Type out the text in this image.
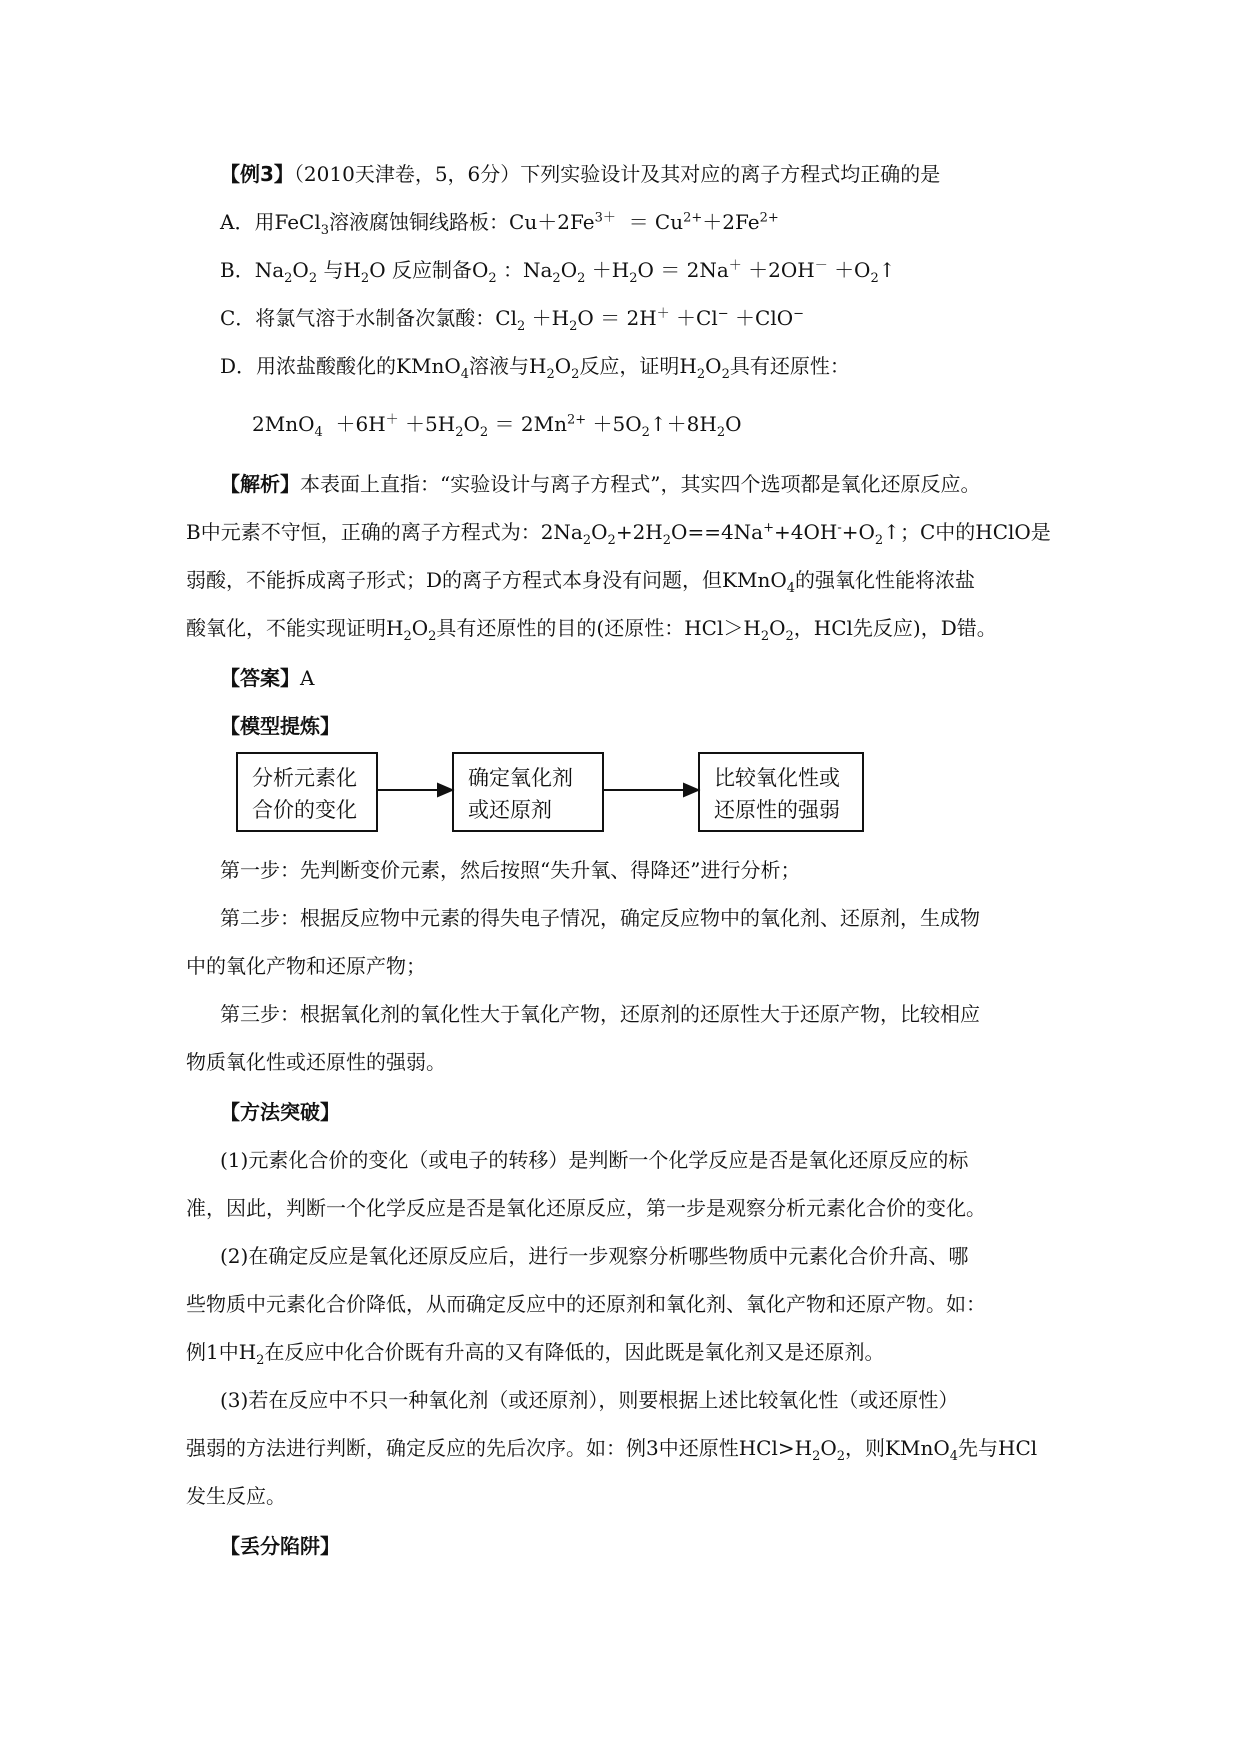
【例3】（2010天津卷，5，6分）下列实验设计及其对应的离子方程式均正确的是
A．用FeCl$_3$溶液腐蚀铜线路板：$Cu+2Fe^{3+} = Cu^{2+}+2Fe^{2+}$
B．$Na_2O_2$ 与$H_2O$ 反应制备$O_2$ ：$Na_2O_2 +H_2O = 2Na^+ +2OH^-$ $+O_2↑$
C．将氯气溶于水制备次氯酸：$Cl_2 +H_2O = 2H^+ +Cl^- +ClO^-$
D．用浓盐酸酸化的KMnO$_4$溶液与$H_2O_2$反应，证明$H_2O_2$具有还原性：
$2MnO_4 +6H^+ +5H_2O_2 = 2Mn^{2+}$ $+5O_2↑+8H_2O$
【解析】本表面上直指：“实验设计与离子方程式”，其实四个选项都是氧化还原反应。
B中元素不守恒，正确的离子方程式为：$2Na_2O_2+2H_2O==4Na^++4OH^-+O_2↑$；C中的HClO是
弱酸，不能拆成离子形式；D的离子方程式本身没有问题，但KMnO$_4$的强氧化性能将浓盐
酸氧化，不能实现证明$H_2O_2$具有还原性的目的(还原性：$HCl>H_2O_2$，HCl先反应)，D错。
【答案】A
【模型提炼】
分析元素化
合价的变化
确定氧化剂
或还原剂
比较氧化性或
还原性的强弱
第一步：先判断变价元素，然后按照“失升氧、得降还”进行分析；
第二步：根据反应物中元素的得失电子情况，确定反应物中的氧化剂、还原剂，生成物
中的氧化产物和还原产物；
第三步：根据氧化剂的氧化性大于氧化产物，还原剂的还原性大于还原产物，比较相应
物质氧化性或还原性的强弱。
【方法突破】
(1)元素化合价的变化（或电子的转移）是判断一个化学反应是否是氧化还原反应的标
准，因此，判断一个化学反应是否是氧化还原反应，第一步是观察分析元素化合价的变化。
(2)在确定反应是氧化还原反应后，进行一步观察分析哪些物质中元素化合价升高、哪
些物质中元素化合价降低，从而确定反应中的还原剂和氧化剂、氧化产物和还原产物。如：
例1中$H_2$在反应中化合价既有升高的又有降低的，因此既是氧化剂又是还原剂。
(3)若在反应中不只一种氧化剂（或还原剂），则要根据上述比较氧化性（或还原性）
强弱的方法进行判断，确定反应的先后次序。如：例3中还原性$HCl>H_2O_2$，则KMnO$_4$先与HCl
发生反应。
【丢分陷阱】
